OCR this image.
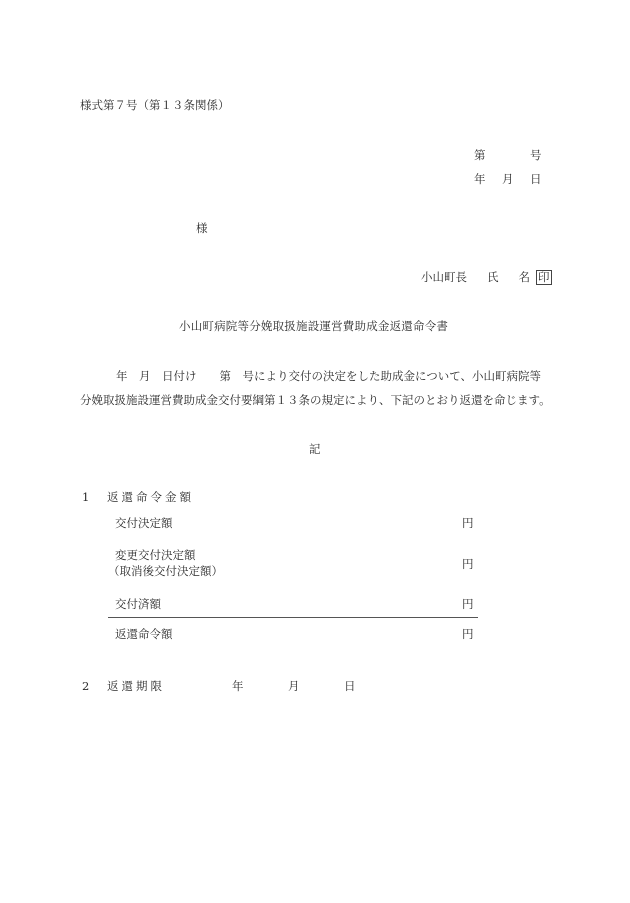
様式第７号（第１３条関係）
第	号
年 月 日
様
小山町長 氏 名 印
小山町病院等分娩取扱施設運営費助成金返還命令書
年　月　日付け　　第　号により交付の決定をした助成金について、小山町病院等
分娩取扱施設運営費助成金交付要綱第１３条の規定により、下記のとおり返還を命じます。
記
1 返還命令金額
交付決定額	円
変更交付決定額
（取消後交付決定額）	円
交付済額	円
返還命令額	円
2 返還期限	年	月	日
